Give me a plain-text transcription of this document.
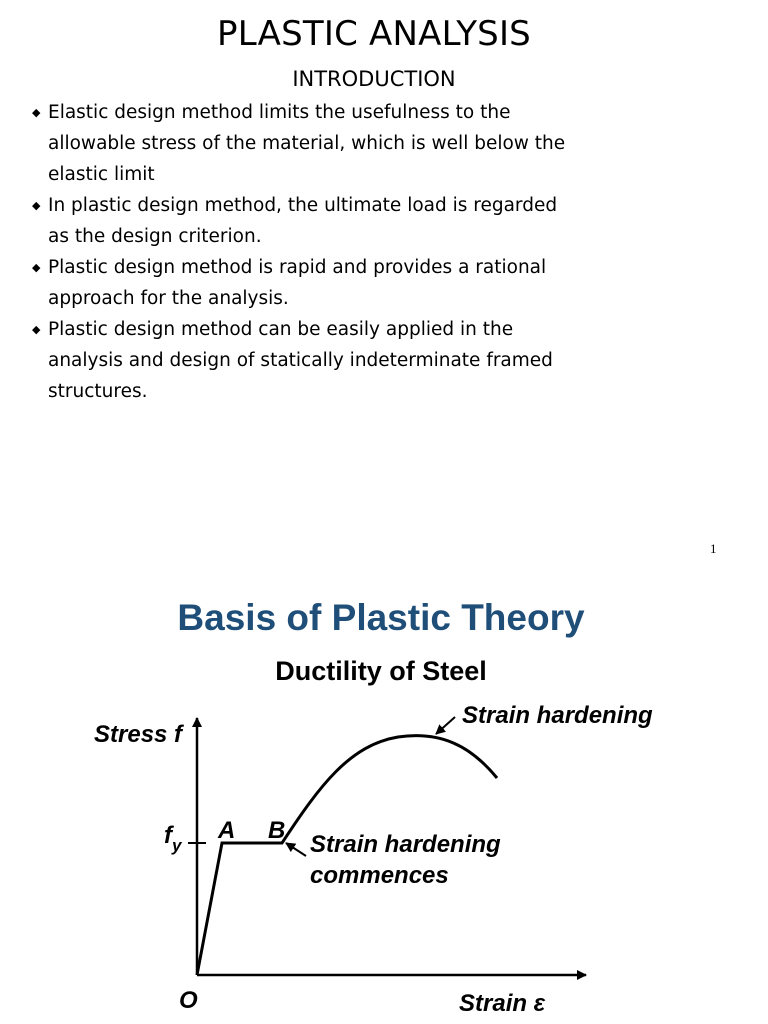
PLASTIC ANALYSIS
INTRODUCTION
◆ Elastic design method limits the usefulness to the
allowable stress of the material, which is well below the
elastic limit
◆ In plastic design method, the ultimate load is regarded
as the design criterion.
◆ Plastic design method is rapid and provides a rational
approach for the analysis.
◆ Plastic design method can be easily applied in the
analysis and design of statically indeterminate framed
structures.
1
Basis of Plastic Theory
Ductility of Steel
Stress f
Strain ε
O
$f_y$
A B
Strain hardening
Strain hardening
commences
